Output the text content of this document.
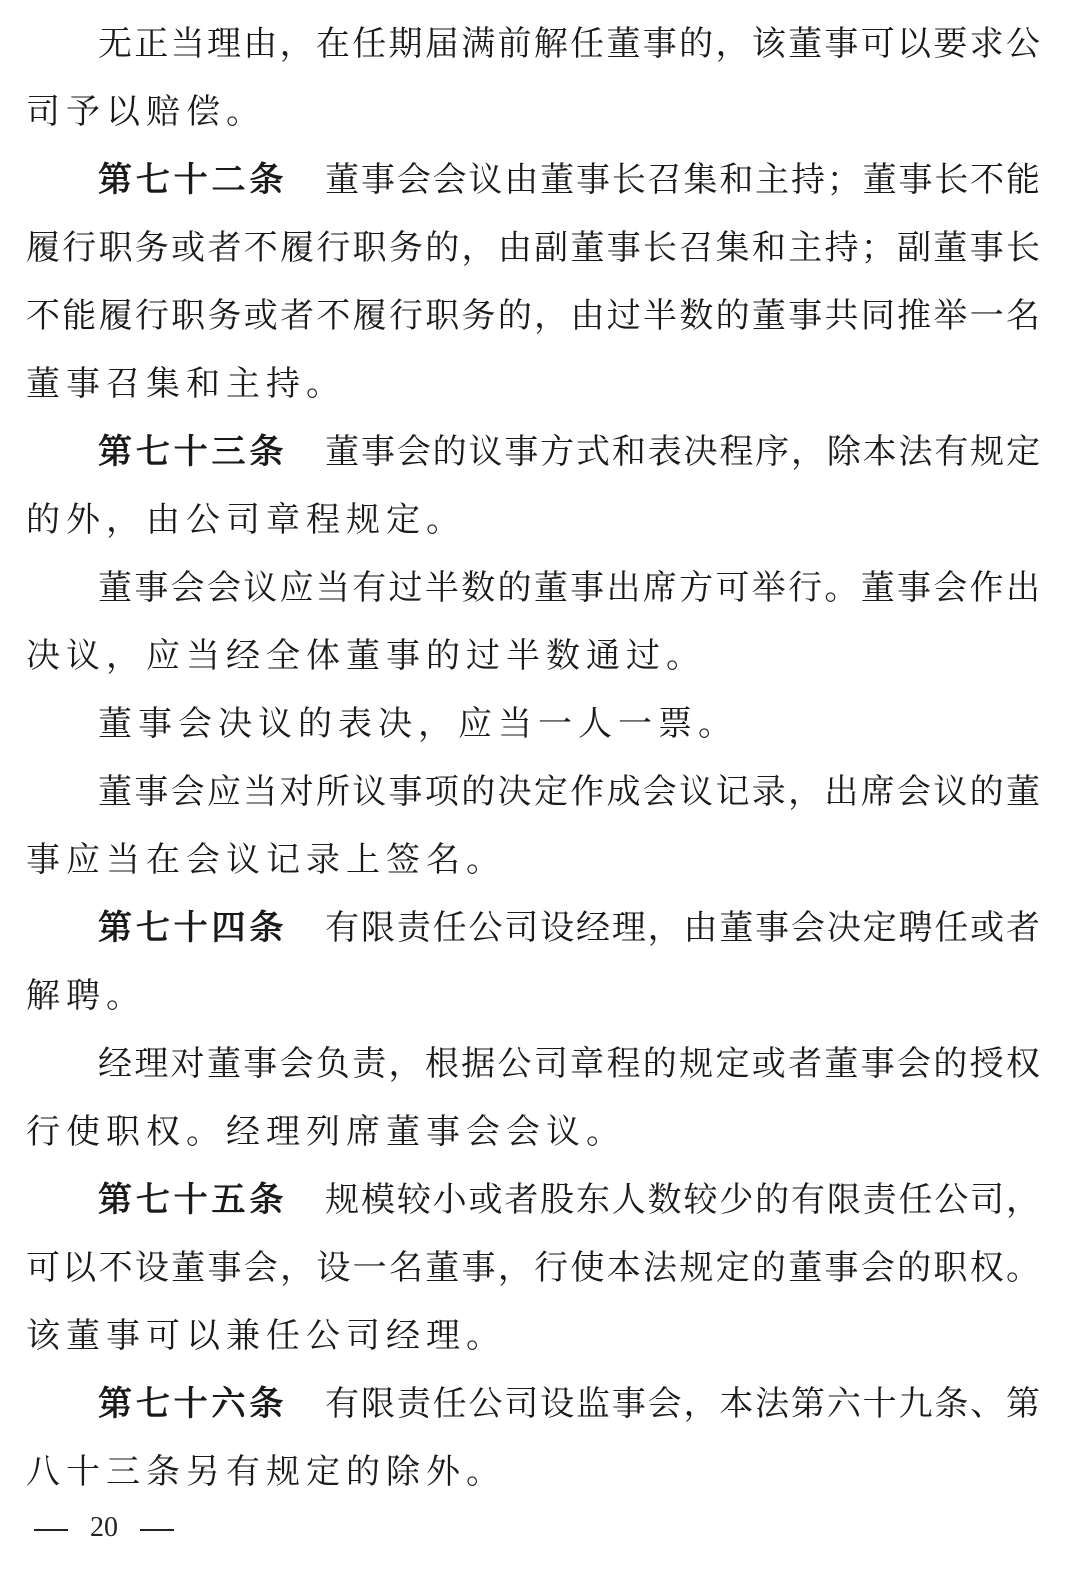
无正当理由，在任期届满前解任董事的，该董事可以要求公
司予以赔偿。
第七十二条 董事会会议由董事长召集和主持；董事长不能
履行职务或者不履行职务的，由副董事长召集和主持；副董事长
不能履行职务或者不履行职务的，由过半数的董事共同推举一名
董事召集和主持。
第七十三条 董事会的议事方式和表决程序，除本法有规定
的外，由公司章程规定。
董事会会议应当有过半数的董事出席方可举行。董事会作出
决议，应当经全体董事的过半数通过。
董事会决议的表决，应当一人一票。
董事会应当对所议事项的决定作成会议记录，出席会议的董
事应当在会议记录上签名。
第七十四条 有限责任公司设经理，由董事会决定聘任或者
解聘。
经理对董事会负责，根据公司章程的规定或者董事会的授权
行使职权。经理列席董事会会议。
第七十五条 规模较小或者股东人数较少的有限责任公司，
可以不设董事会，设一名董事，行使本法规定的董事会的职权。
该董事可以兼任公司经理。
第七十六条 有限责任公司设监事会，本法第六十九条、第
八十三条另有规定的除外。
20
